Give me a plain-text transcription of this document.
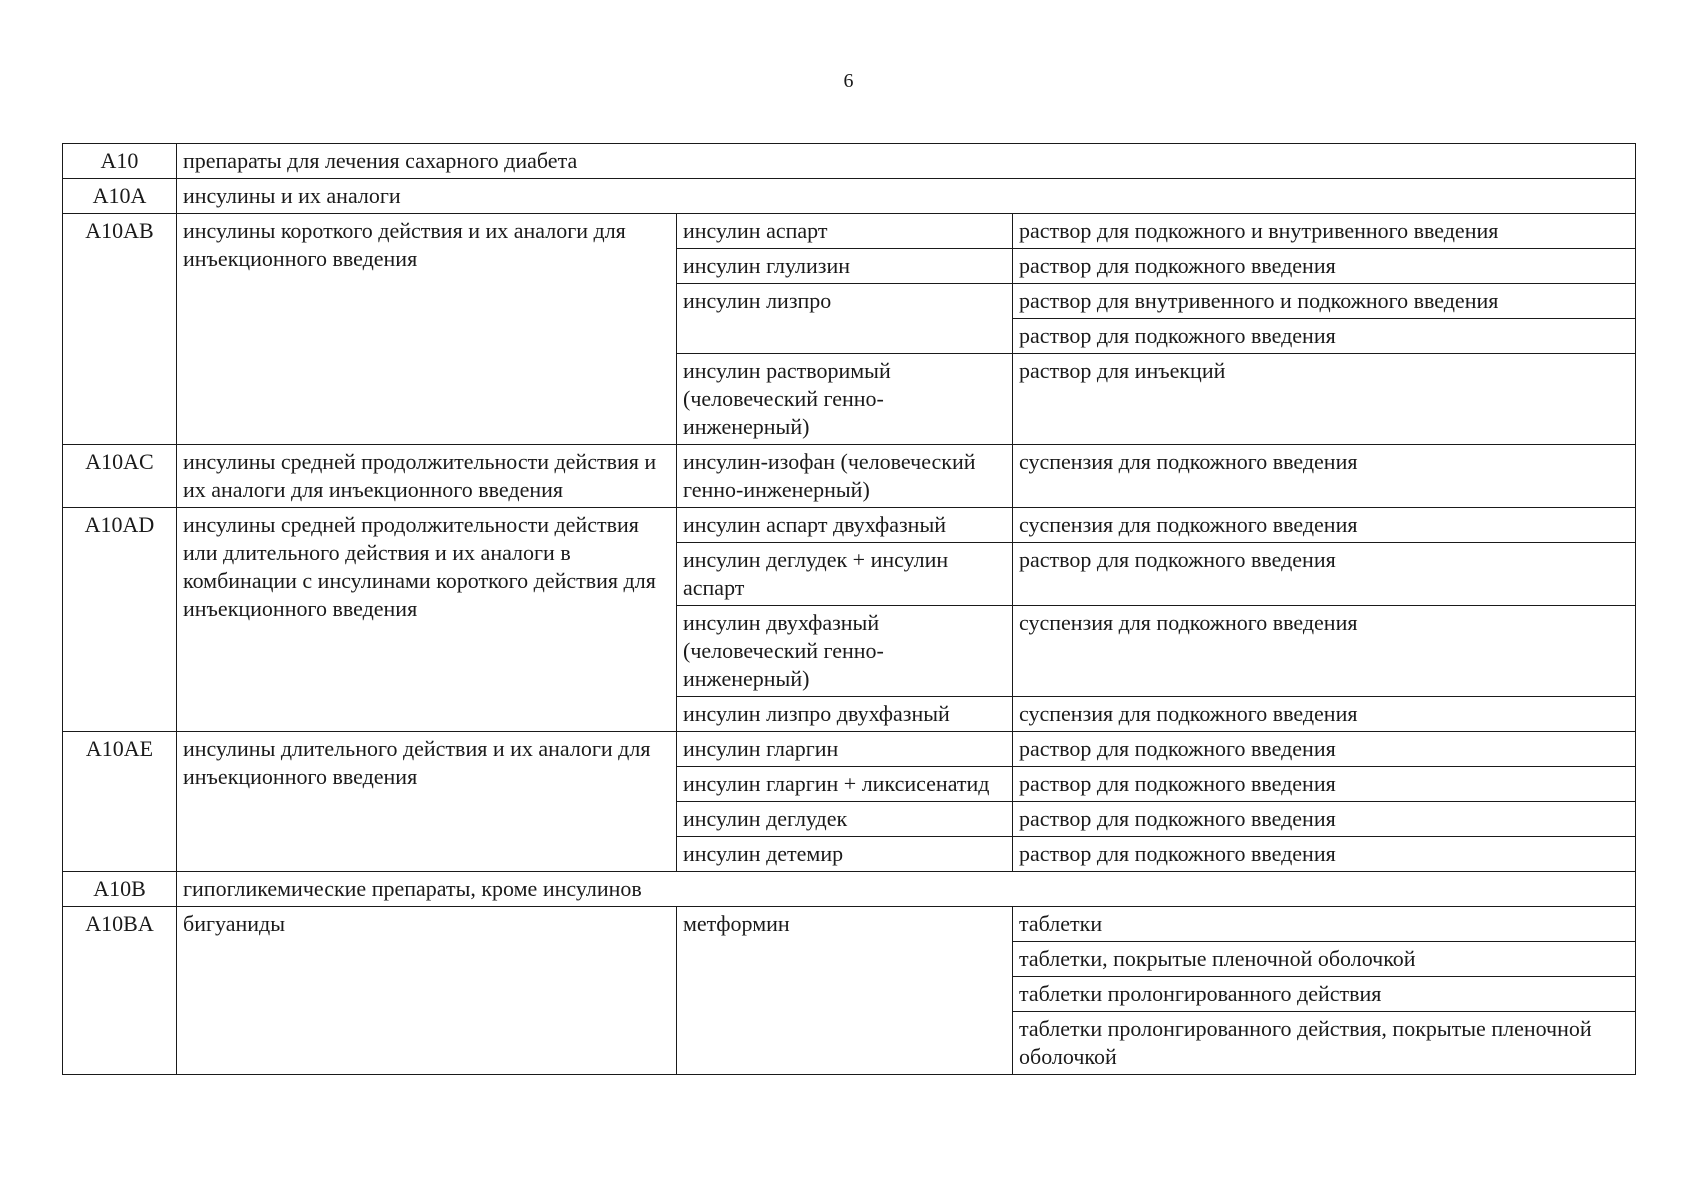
6
A10	препараты для лечения сахарного диабета		
A10A	инсулины и их аналоги		
A10AB	инсулины короткого действия и их аналоги для инъекционного введения	инсулин аспарт	раствор для подкожного и внутривенного введения
		инсулин глулизин	раствор для подкожного введения
		инсулин лизпро	раствор для внутривенного и подкожного введения
			раствор для подкожного введения
		инсулин растворимый (человеческий генно-инженерный)	раствор для инъекций
A10AC	инсулины средней продолжительности действия и их аналоги для инъекционного введения	инсулин-изофан (человеческий генно-инженерный)	суспензия для подкожного введения
A10AD	инсулины средней продолжительности действия или длительного действия и их аналоги в комбинации с инсулинами короткого действия для инъекционного введения	инсулин аспарт двухфазный	суспензия для подкожного введения
		инсулин деглудек + инсулин аспарт	раствор для подкожного введения
		инсулин двухфазный (человеческий генно-инженерный)	суспензия для подкожного введения
		инсулин лизпро двухфазный	суспензия для подкожного введения
A10AE	инсулины длительного действия и их аналоги для инъекционного введения	инсулин гларгин	раствор для подкожного введения
		инсулин гларгин + ликсисенатид	раствор для подкожного введения
		инсулин деглудек	раствор для подкожного введения
		инсулин детемир	раствор для подкожного введения
A10B	гипогликемические препараты, кроме инсулинов		
A10BA	бигуаниды	метформин	таблетки
			таблетки, покрытые пленочной оболочкой
			таблетки пролонгированного действия
			таблетки пролонгированного действия, покрытые пленочной оболочкой
